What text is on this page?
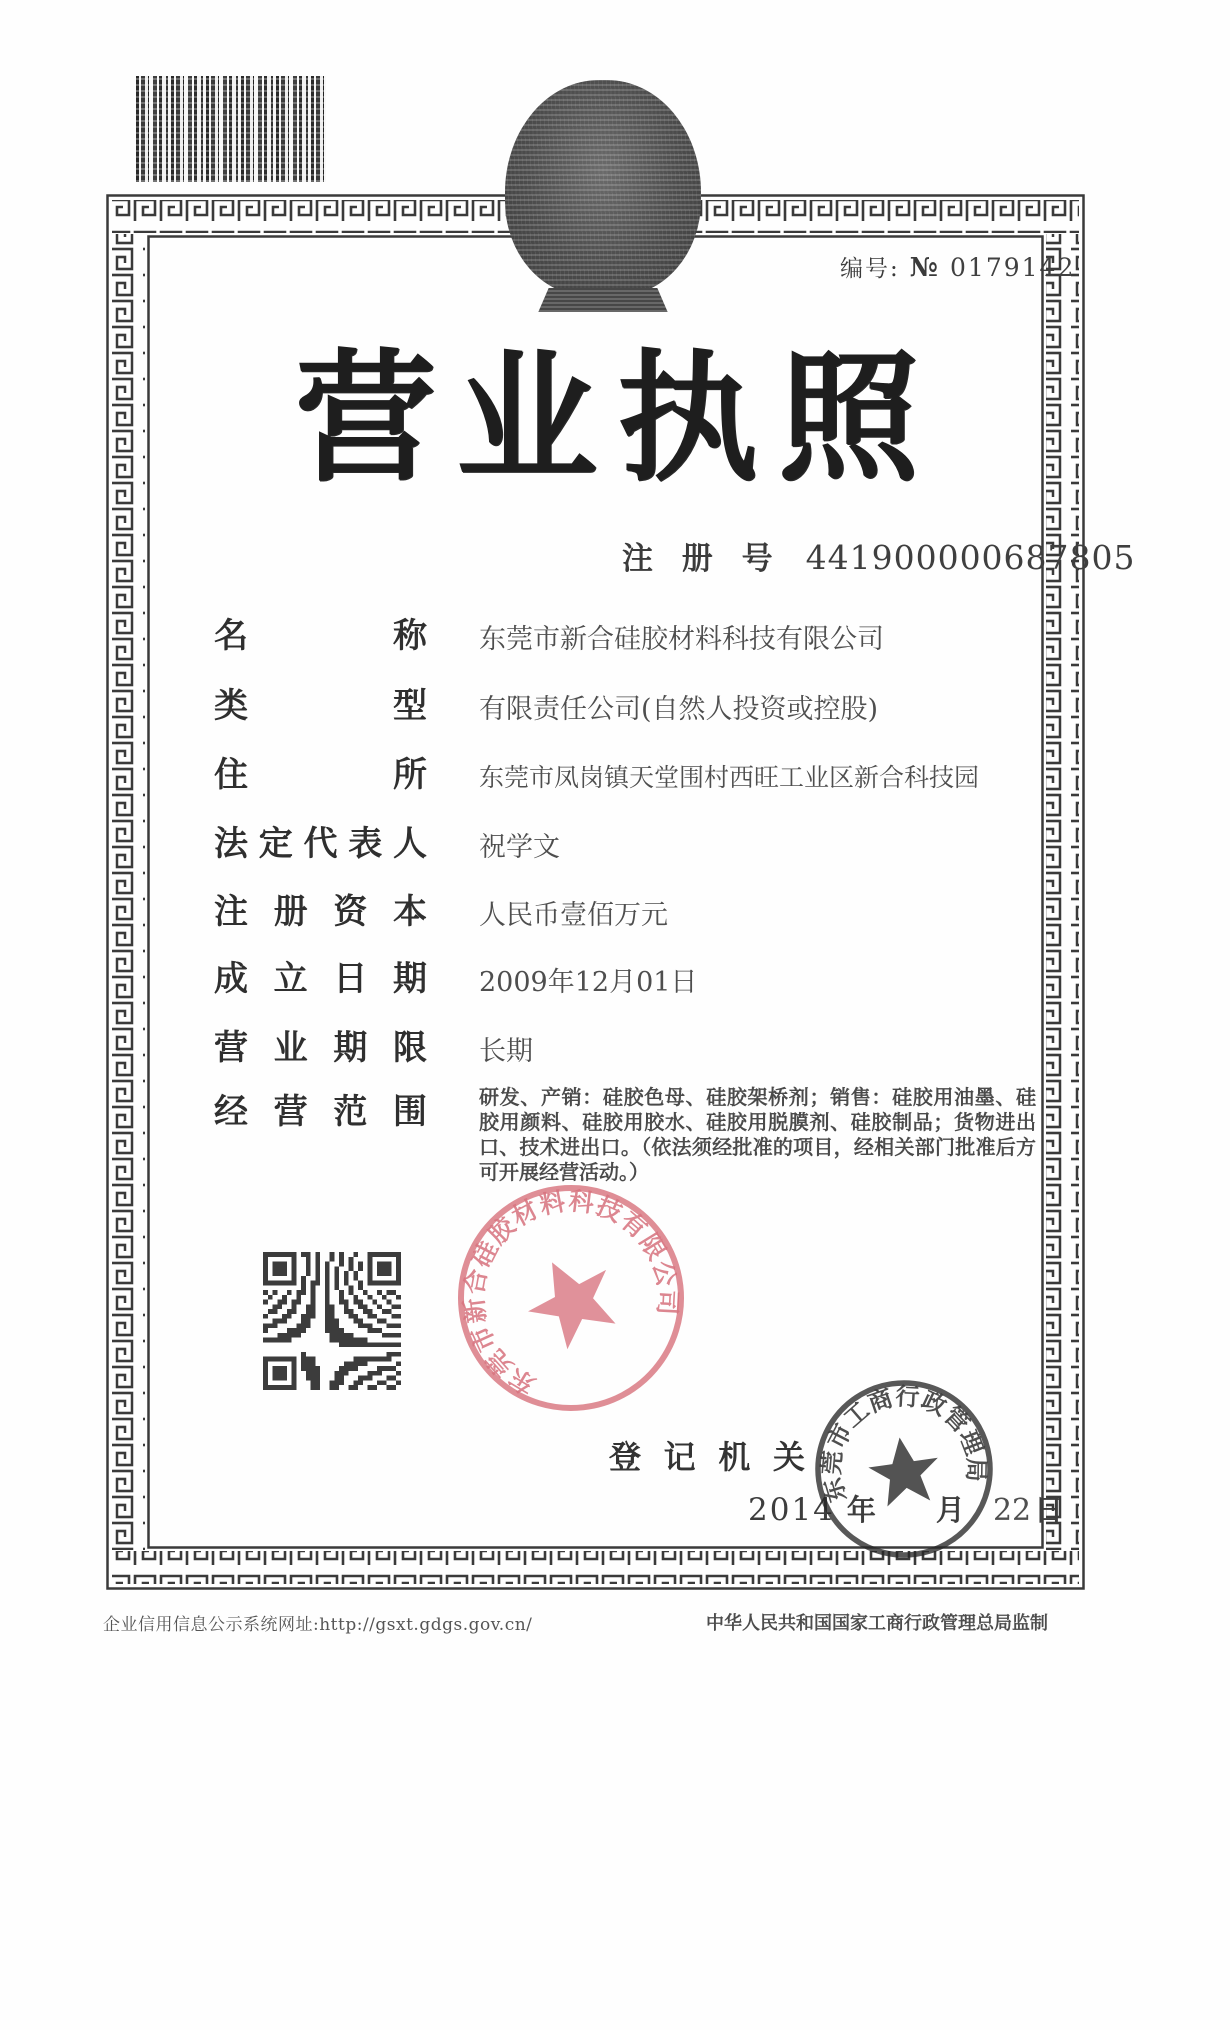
编号: № 0179142
营 业 执 照
注 册 号 441900000687805
名	称 东莞市新合硅胶材料科技有限公司
类	型 有限责任公司(自然人投资或控股)
住	所 东莞市凤岗镇天堂围村西旺工业区新合科技园
法 定 代 表 人 祝学文
注 册 资 本 人民币壹佰万元
成 立 日 期 2009年12月01日
营 业 期 限 长期
经 营 范 围	研发、产销：硅胶色母、硅胶架桥剂；销售：硅胶用油墨、硅胶用颜料、硅胶用胶水、硅胶用脱膜剂、硅胶制品；货物进出口、技术进出口。（依法须经批准的项目，经相关部门批准后方可开展经营活动。）
东莞市新合硅胶材料科技有限公司
登 记 机 关
2014 年 月 22 日
东莞市工商行政管理局
企业信用信息公示系统网址:http://gsxt.gdgs.gov.cn/	中华人民共和国国家工商行政管理总局监制
